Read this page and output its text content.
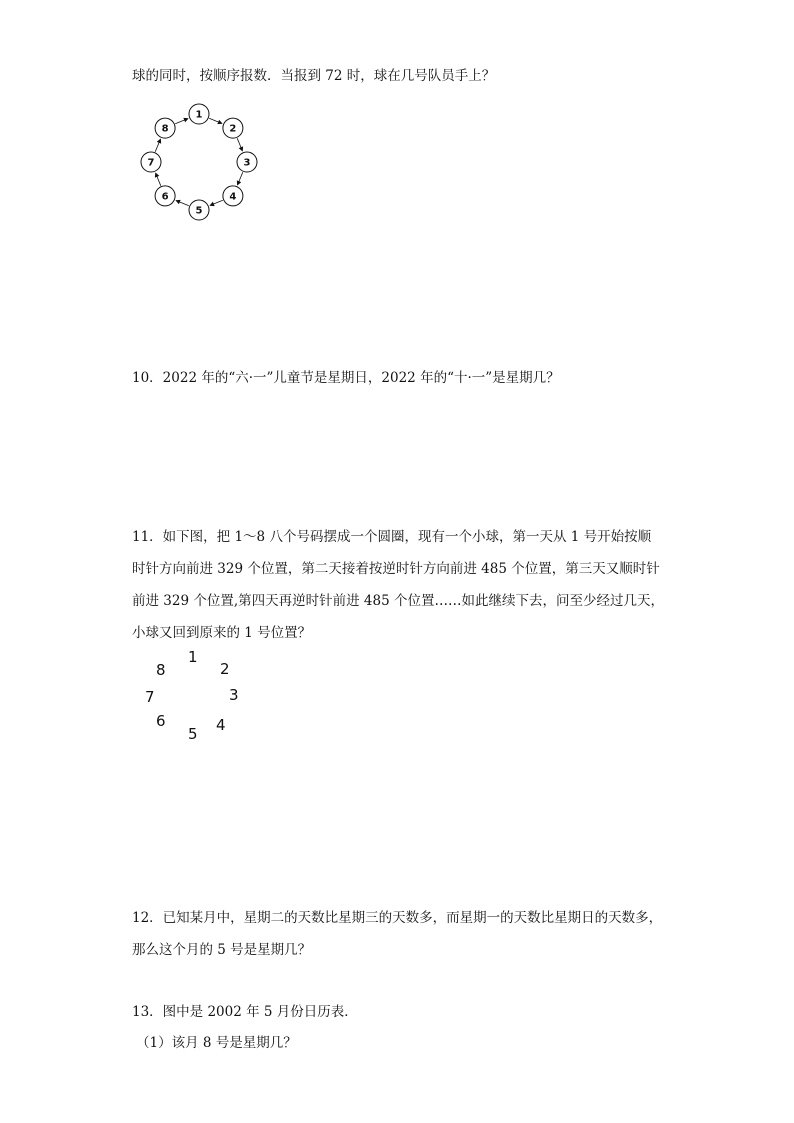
球的同时，按顺序报数．当报到 72 时，球在几号队员手上？
1
2
3
4
5
6
7
8
10．2022 年的“六·一”儿童节是星期日，2022 年的“十·一”是星期几？
11．如下图，把 1～8 八个号码摆成一个圆圈，现有一个小球，第一天从 1 号开始按顺
时针方向前进 329 个位置，第二天接着按逆时针方向前进 485 个位置，第三天又顺时针
前进 329 个位置,第四天再逆时针前进 485 个位置……如此继续下去，问至少经过几天，
小球又回到原来的 1 号位置？
1
2
3
4
5
6
7
8
12．已知某月中，星期二的天数比星期三的天数多，而星期一的天数比星期日的天数多，
那么这个月的 5 号是星期几？
13．图中是 2002 年 5 月份日历表．
（1）该月 8 号是星期几？
